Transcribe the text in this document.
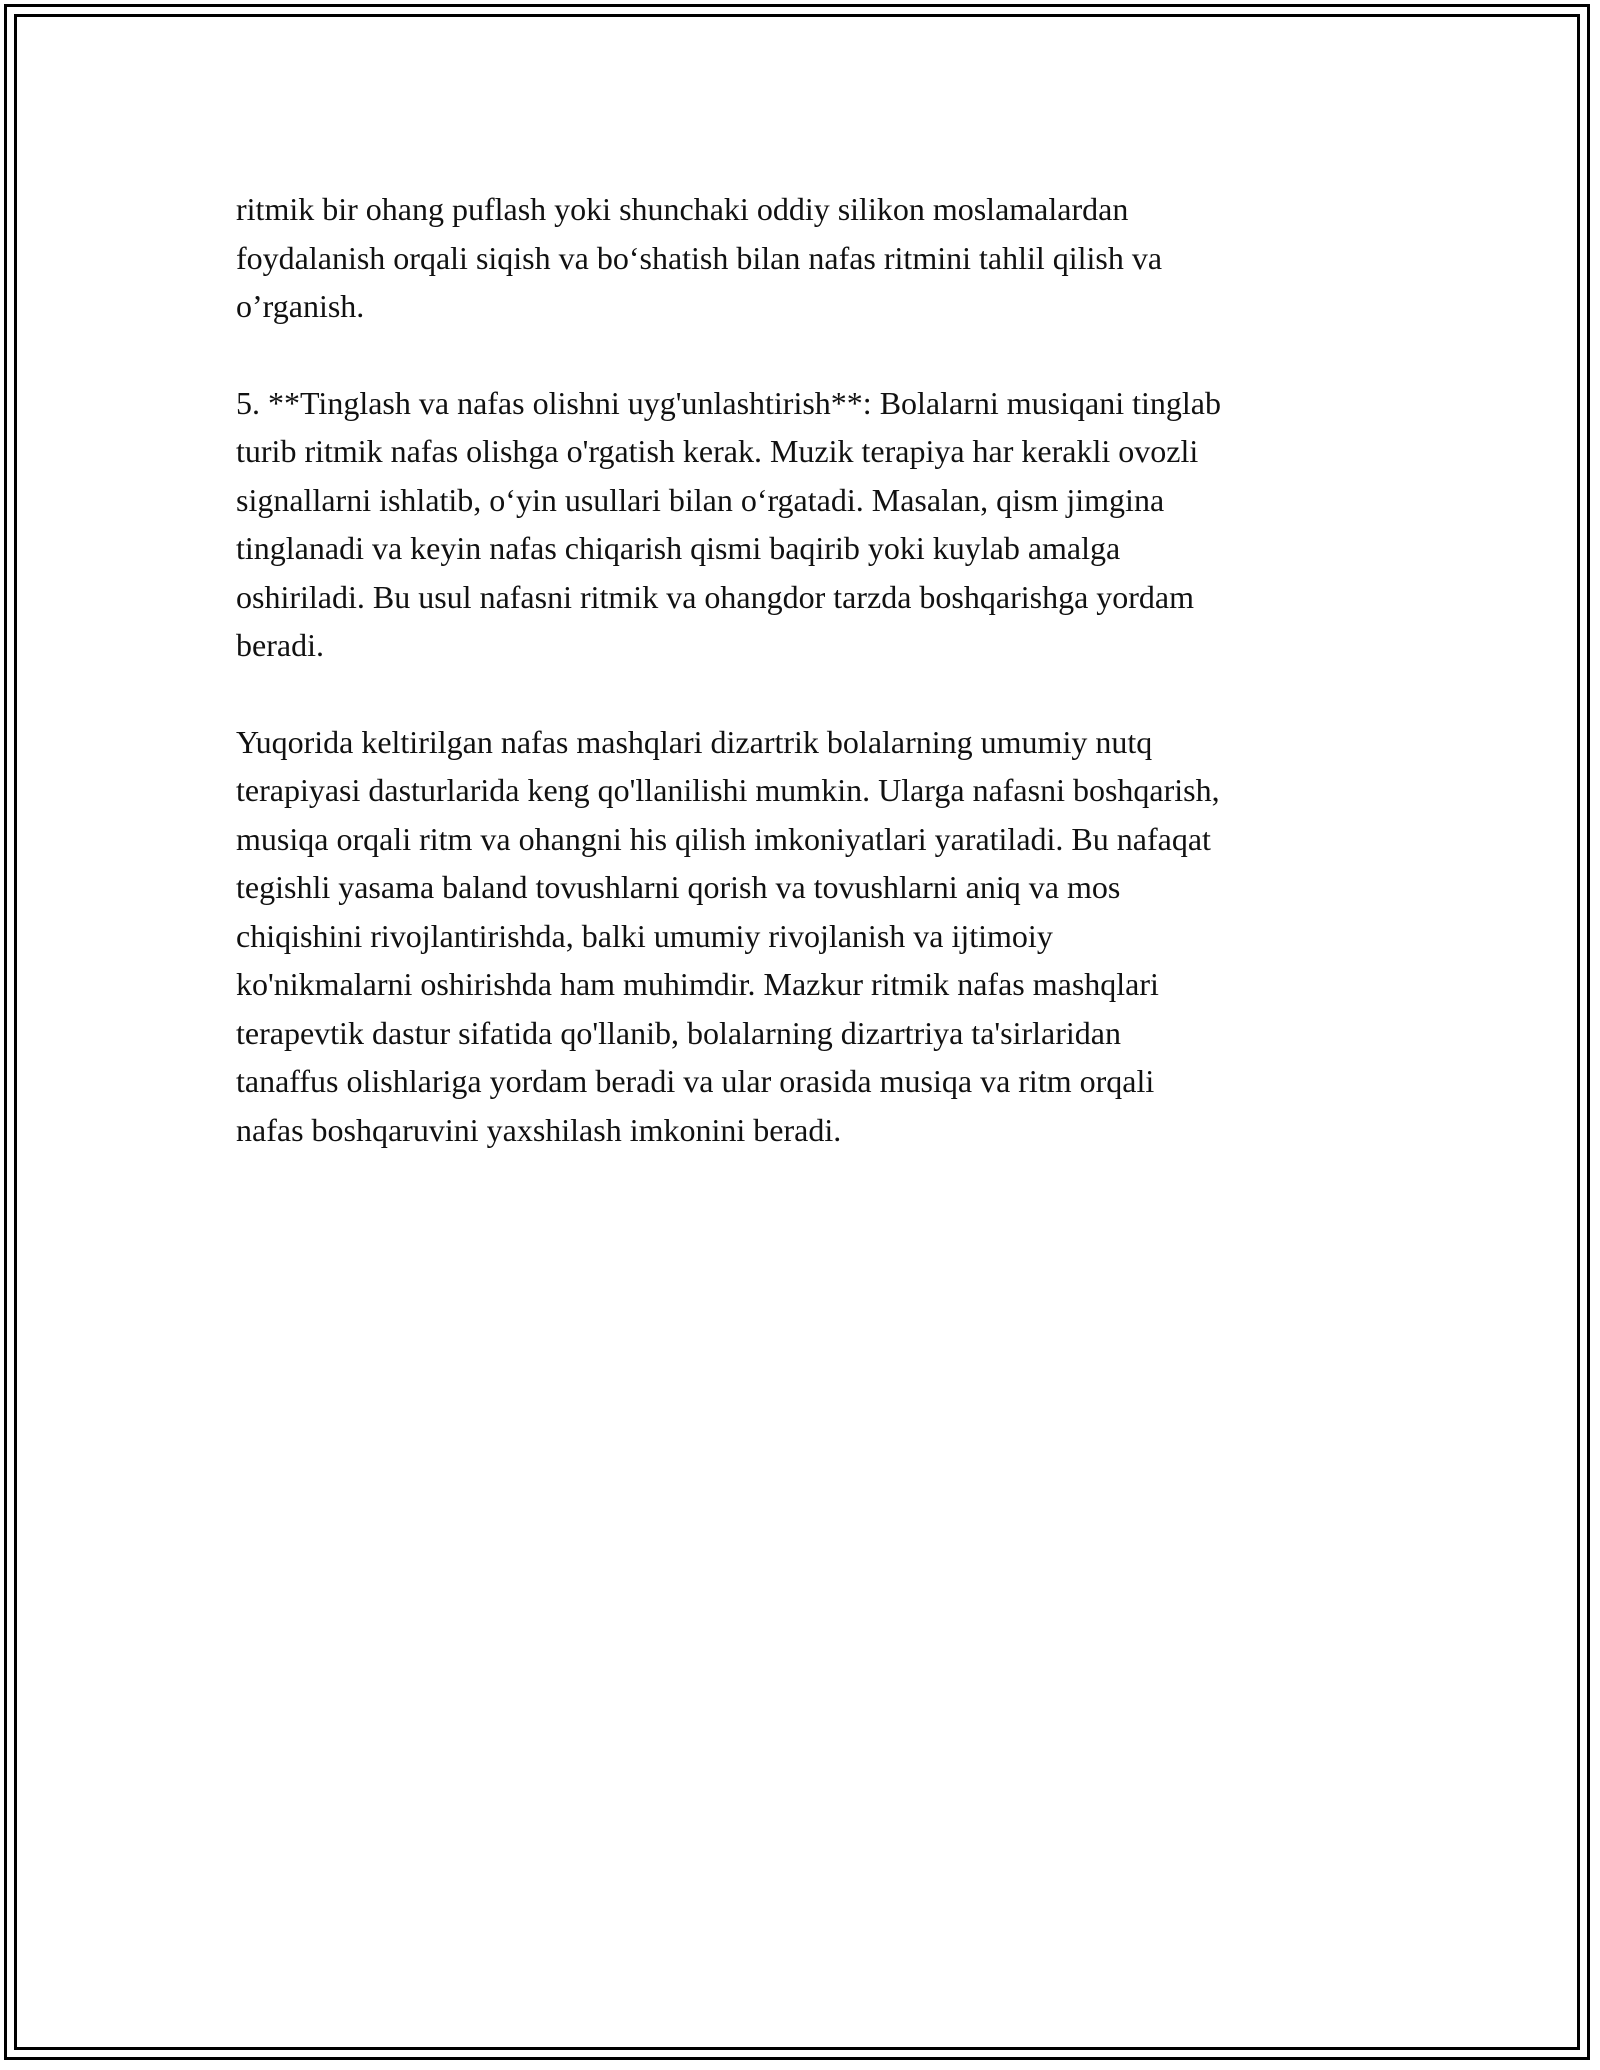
ritmik bir ohang puflash yoki shunchaki oddiy silikon moslamalardan
foydalanish orqali siqish va bo‘shatish bilan nafas ritmini tahlil qilish va
o’rganish.

5. **Tinglash va nafas olishni uyg'unlashtirish**: Bolalarni musiqani tinglab
turib ritmik nafas olishga o'rgatish kerak. Muzik terapiya har kerakli ovozli
signallarni ishlatib, o‘yin usullari bilan o‘rgatadi. Masalan, qism jimgina
tinglanadi va keyin nafas chiqarish qismi baqirib yoki kuylab amalga
oshiriladi. Bu usul nafasni ritmik va ohangdor tarzda boshqarishga yordam
beradi.

Yuqorida keltirilgan nafas mashqlari dizartrik bolalarning umumiy nutq
terapiyasi dasturlarida keng qo'llanilishi mumkin. Ularga nafasni boshqarish,
musiqa orqali ritm va ohangni his qilish imkoniyatlari yaratiladi. Bu nafaqat
tegishli yasama baland tovushlarni qorish va tovushlarni aniq va mos
chiqishini rivojlantirishda, balki umumiy rivojlanish va ijtimoiy
ko'nikmalarni oshirishda ham muhimdir. Mazkur ritmik nafas mashqlari
terapevtik dastur sifatida qo'llanib, bolalarning dizartriya ta'sirlaridan
tanaffus olishlariga yordam beradi va ular orasida musiqa va ritm orqali
nafas boshqaruvini yaxshilash imkonini beradi.
